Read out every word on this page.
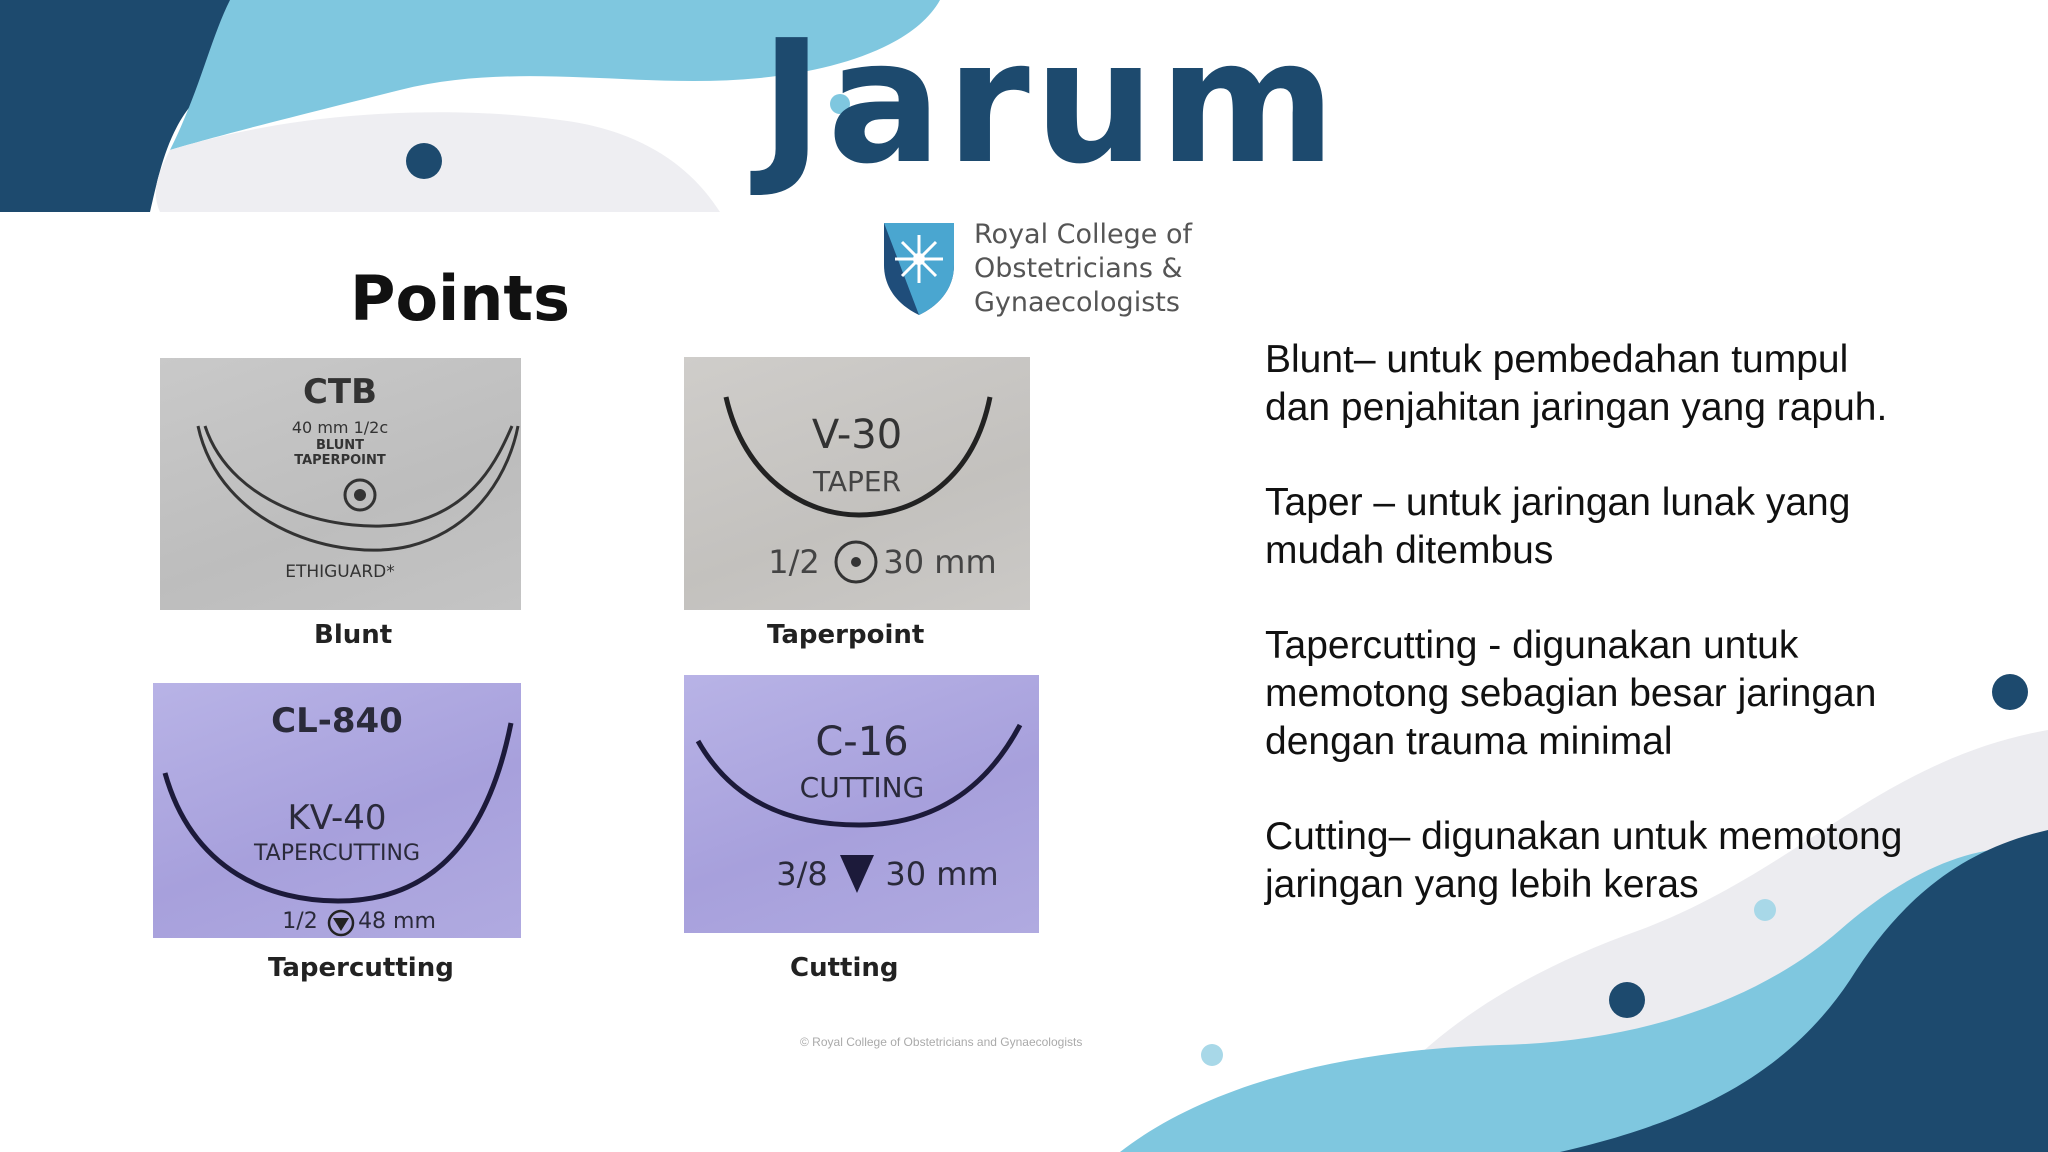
Jarum
Points
Royal College of
Obstetricians &
Gynaecologists
CTB
40 mm 1/2c
BLUNT
TAPERPOINT
ETHIGUARD*
Blunt
V-30
TAPER
1/2 30 mm
Taperpoint
CL-840
KV-40
TAPERCUTTING
1/2	48 mm
Tapercutting
C-16
CUTTING
3/8 30 mm
Cutting
© Royal College of Obstetricians and Gynaecologists

Blunt– untuk pembedahan tumpul
dan penjahitan jaringan yang rapuh.

Taper – untuk jaringan lunak yang
mudah ditembus

Tapercutting - digunakan untuk
memotong sebagian besar jaringan
dengan trauma minimal

Cutting– digunakan untuk memotong
jaringan yang lebih keras
